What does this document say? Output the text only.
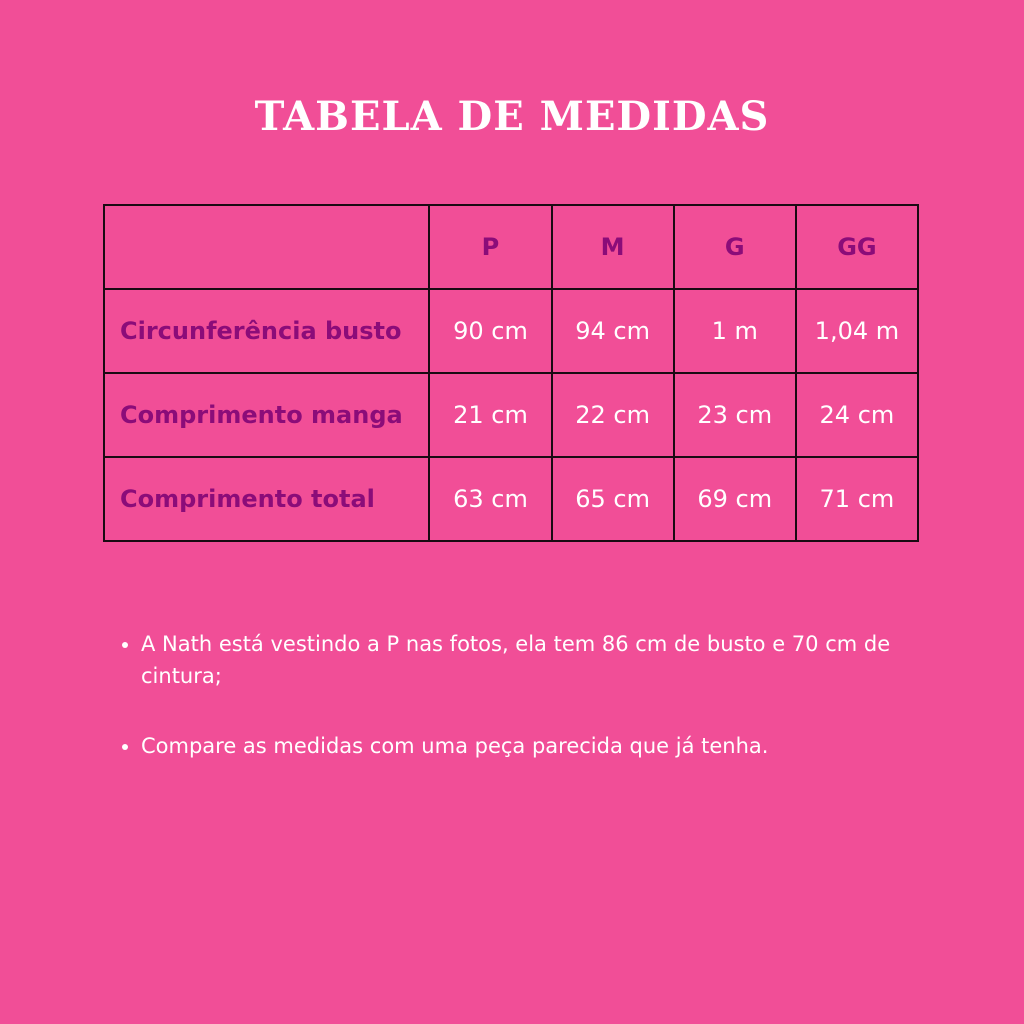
TABELA DE MEDIDAS
	P	M	G	GG
Circunferência busto	90 cm	94 cm	1 m	1,04 m
Comprimento manga	21 cm	22 cm	23 cm	24 cm
Comprimento total	63 cm	65 cm	69 cm	71 cm
A Nath está vestindo a P nas fotos, ela tem 86 cm de busto e 70 cm de cintura;
Compare as medidas com uma peça parecida que já tenha.
